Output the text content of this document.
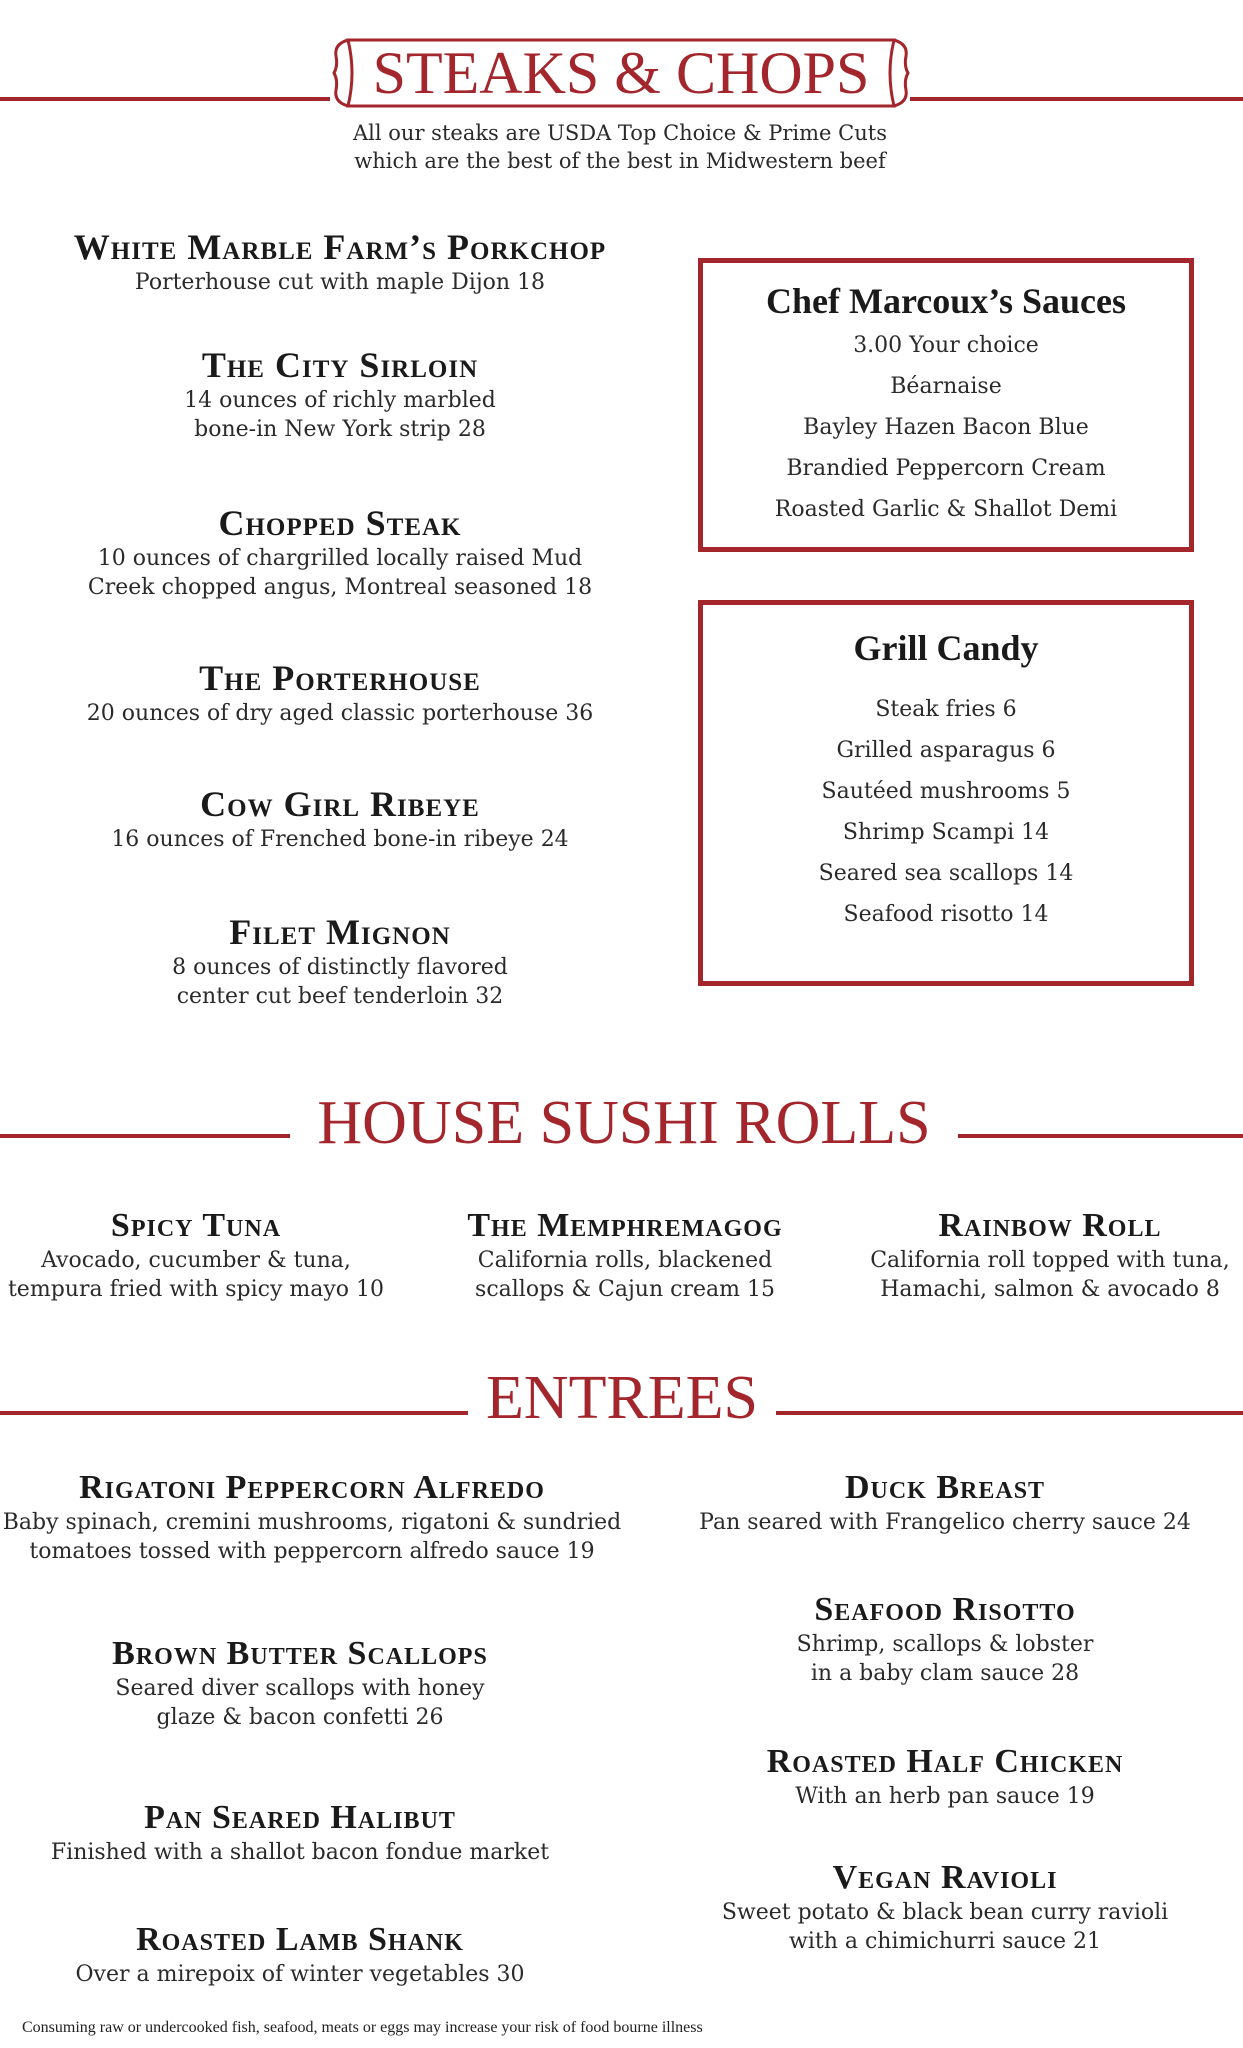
STEAKS & CHOPS
All our steaks are USDA Top Choice & Prime Cuts
which are the best of the best in Midwestern beef
White Marble Farm’s Porkchop
Porterhouse cut with maple Dijon 18
The City Sirloin
14 ounces of richly marbled
bone-in New York strip 28
Chopped Steak
10 ounces of chargrilled locally raised Mud
Creek chopped angus, Montreal seasoned 18
The Porterhouse
20 ounces of dry aged classic porterhouse 36
Cow Girl Ribeye
16 ounces of Frenched bone-in ribeye 24
Filet Mignon
8 ounces of distinctly flavored
center cut beef tenderloin 32
Chef Marcoux’s Sauces
3.00 Your choice
Béarnaise
Bayley Hazen Bacon Blue
Brandied Peppercorn Cream
Roasted Garlic & Shallot Demi
Grill Candy
Steak fries 6
Grilled asparagus 6
Sautéed mushrooms 5
Shrimp Scampi 14
Seared sea scallops 14
Seafood risotto 14
HOUSE SUSHI ROLLS
Spicy Tuna
Avocado, cucumber & tuna,
tempura fried with spicy mayo 10
The Memphremagog
California rolls, blackened
scallops & Cajun cream 15
Rainbow Roll
California roll topped with tuna,
Hamachi, salmon & avocado 8
ENTREES
Rigatoni Peppercorn Alfredo
Baby spinach, cremini mushrooms, rigatoni & sundried
tomatoes tossed with peppercorn alfredo sauce 19
Brown Butter Scallops
Seared diver scallops with honey
glaze & bacon confetti 26
Pan Seared Halibut
Finished with a shallot bacon fondue market
Roasted Lamb Shank
Over a mirepoix of winter vegetables 30
Duck Breast
Pan seared with Frangelico cherry sauce 24
Seafood Risotto
Shrimp, scallops & lobster
in a baby clam sauce 28
Roasted Half Chicken
With an herb pan sauce 19
Vegan Ravioli
Sweet potato & black bean curry ravioli
with a chimichurri sauce 21
Consuming raw or undercooked fish, seafood, meats or eggs may increase your risk of food bourne illness
